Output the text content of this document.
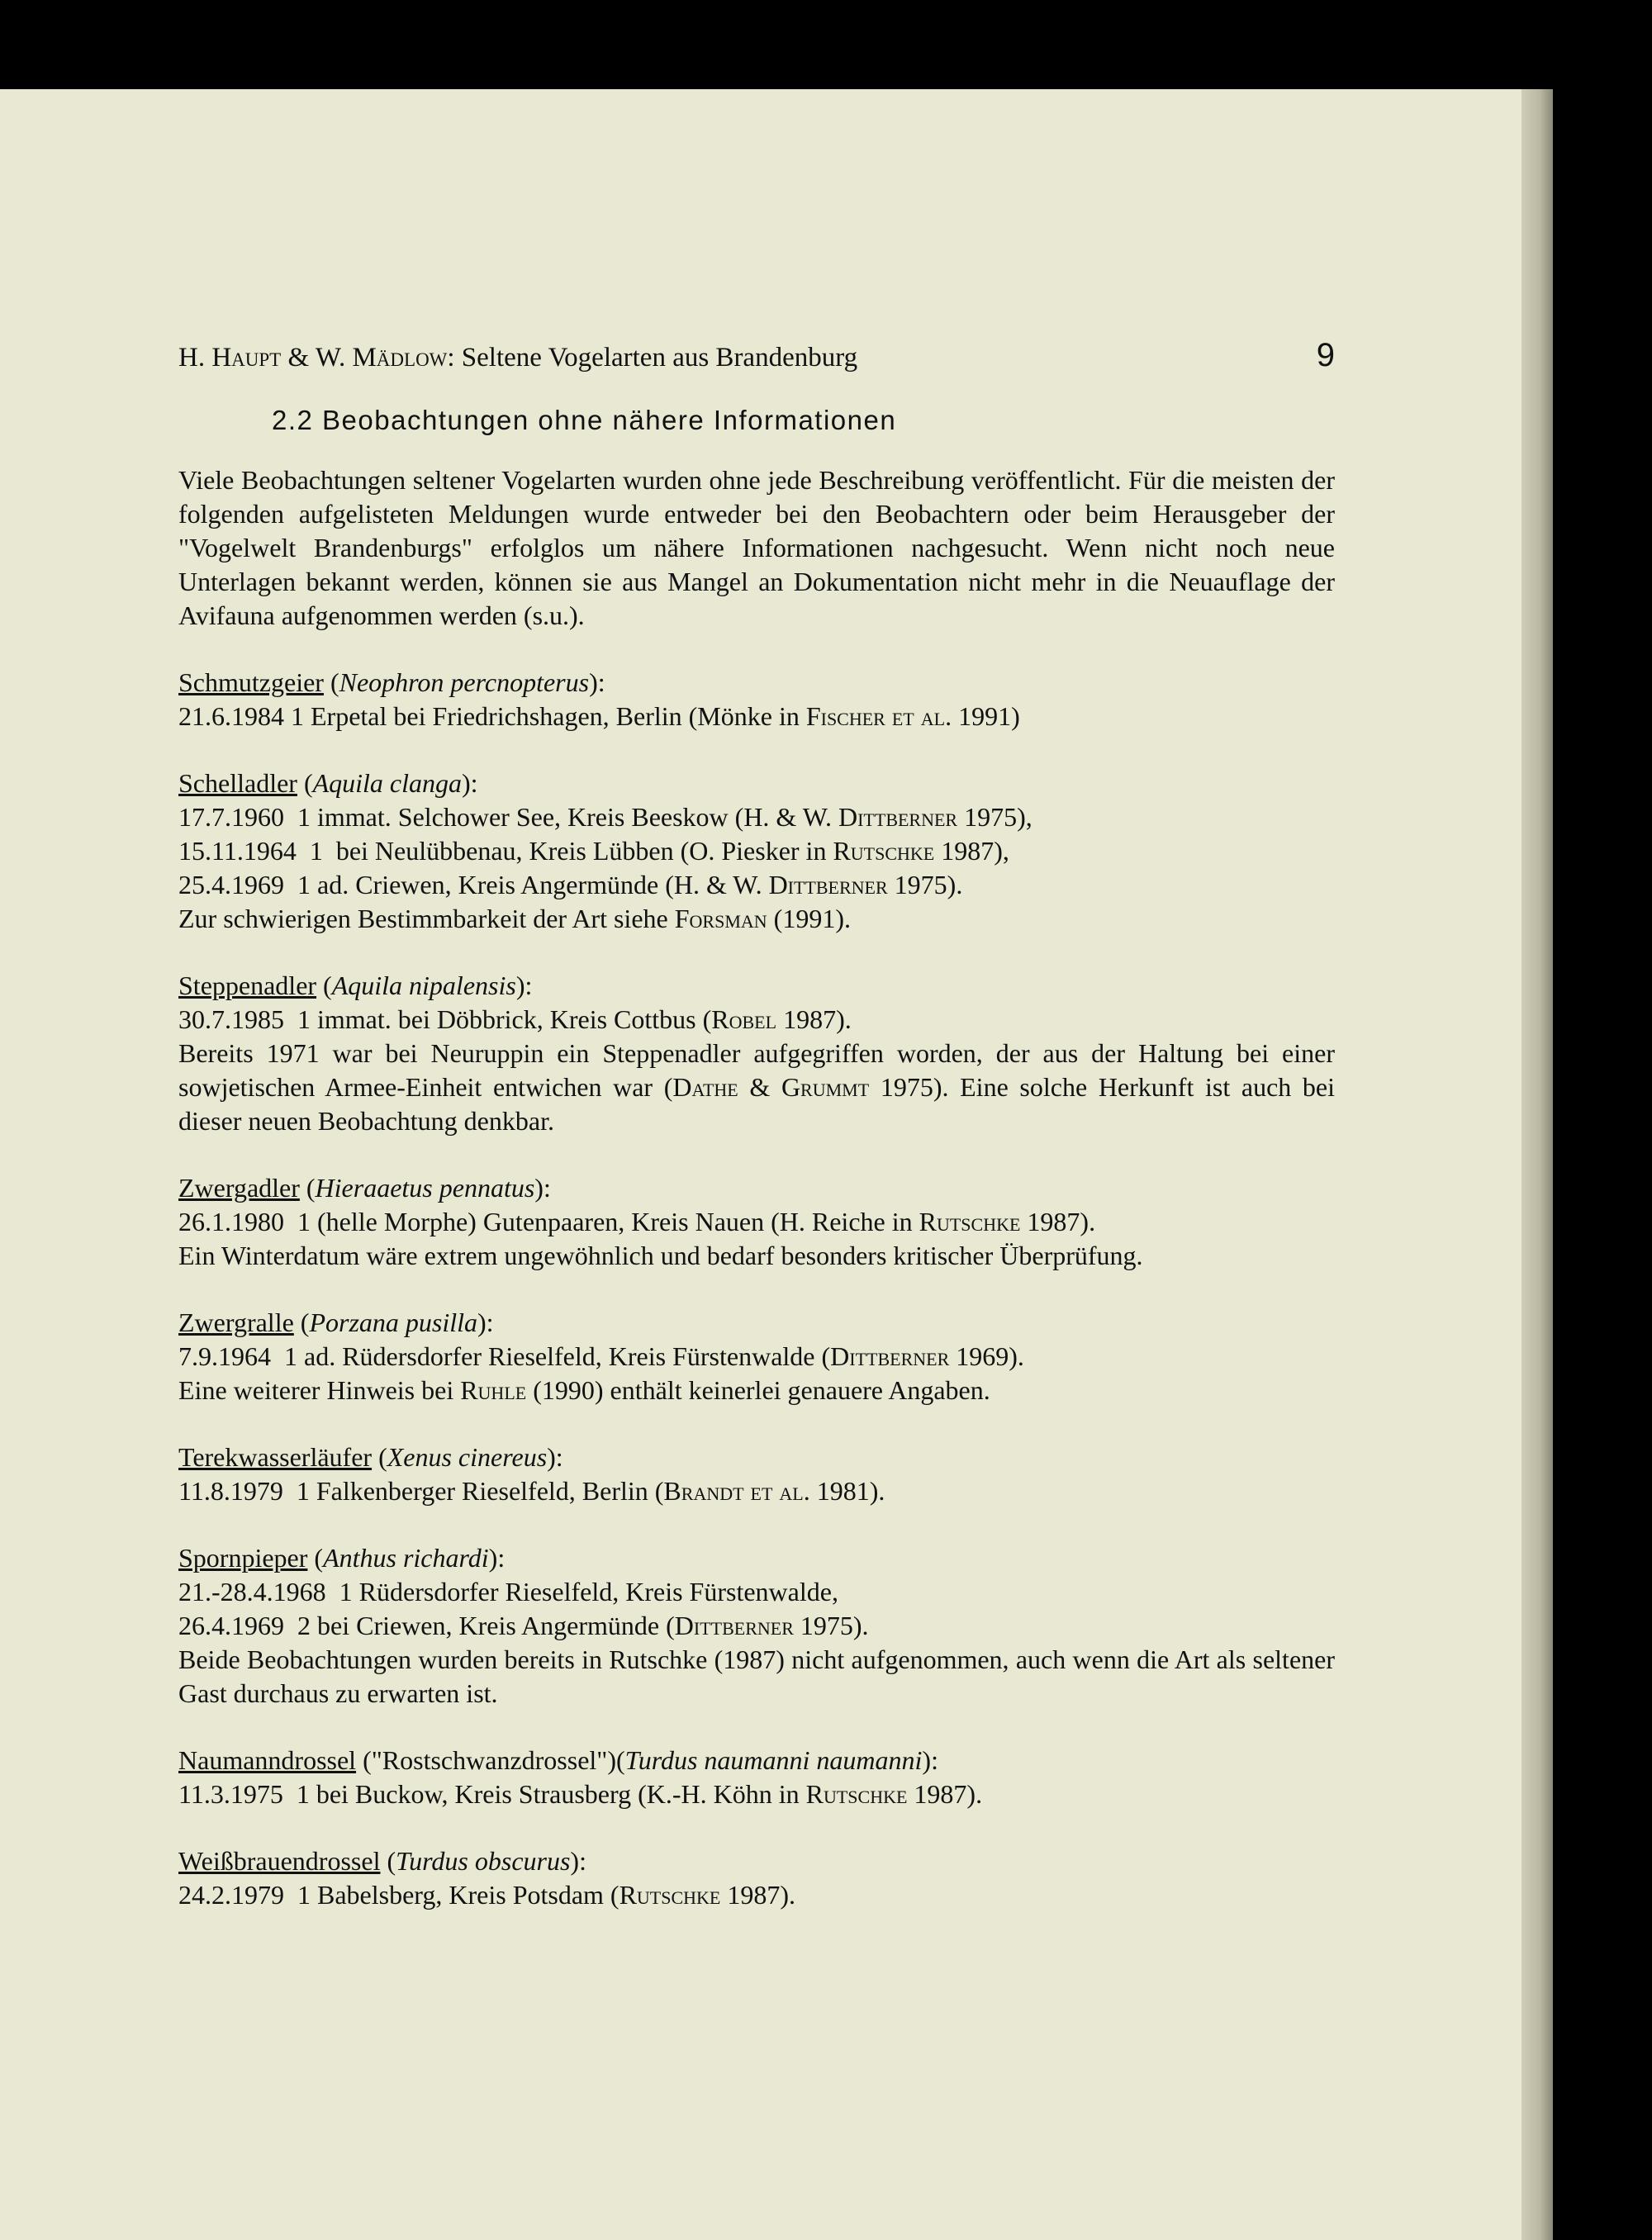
H. Haupt & W. Mädlow: Seltene Vogelarten aus Brandenburg	9
2.2 Beobachtungen ohne nähere Informationen
Viele Beobachtungen seltener Vogelarten wurden ohne jede Beschreibung veröffentlicht. Für die meisten der folgenden aufgelisteten Meldungen wurde entweder bei den Beobachtern oder beim Herausgeber der "Vogelwelt Brandenburgs" erfolglos um nähere Informationen nachgesucht. Wenn nicht noch neue Unterlagen bekannt werden, können sie aus Mangel an Dokumentation nicht mehr in die Neuauflage der Avifauna aufgenommen werden (s.u.).
Schmutzgeier (Neophron percnopterus):
21.6.1984 1 Erpetal bei Friedrichshagen, Berlin (Mönke in Fischer et al. 1991)
Schelladler (Aquila clanga):
17.7.1960  1 immat. Selchower See, Kreis Beeskow (H. & W. Dittberner 1975),
15.11.1964  1  bei Neulübbenau, Kreis Lübben (O. Piesker in Rutschke 1987),
25.4.1969  1 ad. Criewen, Kreis Angermünde (H. & W. Dittberner 1975).
Zur schwierigen Bestimmbarkeit der Art siehe Forsman (1991).
Steppenadler (Aquila nipalensis):
30.7.1985  1 immat. bei Döbbrick, Kreis Cottbus (Robel 1987).
Bereits 1971 war bei Neuruppin ein Steppenadler aufgegriffen worden, der aus der Haltung bei einer sowjetischen Armee-Einheit entwichen war (Dathe & Grummt 1975). Eine solche Herkunft ist auch bei dieser neuen Beobachtung denkbar.
Zwergadler (Hieraaetus pennatus):
26.1.1980  1 (helle Morphe) Gutenpaaren, Kreis Nauen (H. Reiche in Rutschke 1987).
Ein Winterdatum wäre extrem ungewöhnlich und bedarf besonders kritischer Überprüfung.
Zwergralle (Porzana pusilla):
7.9.1964  1 ad. Rüdersdorfer Rieselfeld, Kreis Fürstenwalde (Dittberner 1969).
Eine weiterer Hinweis bei Ruhle (1990) enthält keinerlei genauere Angaben.
Terekwasserläufer (Xenus cinereus):
11.8.1979  1 Falkenberger Rieselfeld, Berlin (Brandt et al. 1981).
Spornpieper (Anthus richardi):
21.-28.4.1968  1 Rüdersdorfer Rieselfeld, Kreis Fürstenwalde,
26.4.1969  2 bei Criewen, Kreis Angermünde (Dittberner 1975).
Beide Beobachtungen wurden bereits in Rutschke (1987) nicht aufgenommen, auch wenn die Art als seltener Gast durchaus zu erwarten ist.
Naumanndrossel ("Rostschwanzdrossel")(Turdus naumanni naumanni):
11.3.1975  1 bei Buckow, Kreis Strausberg (K.-H. Köhn in Rutschke 1987).
Weißbrauendrossel (Turdus obscurus):
24.2.1979  1 Babelsberg, Kreis Potsdam (Rutschke 1987).
